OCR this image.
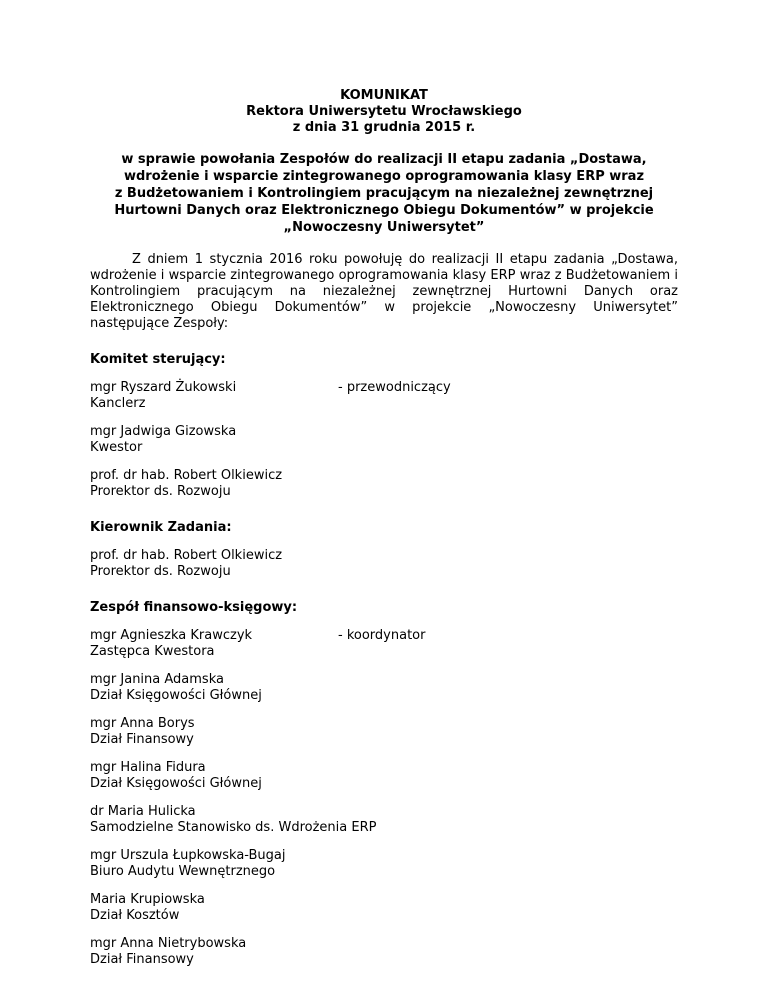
KOMUNIKAT
Rektora Uniwersytetu Wrocławskiego
z dnia 31 grudnia 2015 r.
w sprawie powołania Zespołów do realizacji II etapu zadania „Dostawa,
wdrożenie i wsparcie zintegrowanego oprogramowania klasy ERP wraz
z Budżetowaniem i Kontrolingiem pracującym na niezależnej zewnętrznej
Hurtowni Danych oraz Elektronicznego Obiegu Dokumentów” w projekcie
„Nowoczesny Uniwersytet”
Z dniem 1 stycznia 2016 roku powołuję do realizacji II etapu zadania „Dostawa, wdrożenie i wsparcie zintegrowanego oprogramowania klasy ERP wraz z Budżetowaniem i Kontrolingiem pracującym na niezależnej zewnętrznej Hurtowni Danych oraz Elektronicznego Obiegu Dokumentów” w projekcie „Nowoczesny Uniwersytet” następujące Zespoły:
Komitet sterujący:
mgr Ryszard Żukowski
Kanclerz
- przewodniczący
mgr Jadwiga Gizowska
Kwestor
prof. dr hab. Robert Olkiewicz
Prorektor ds. Rozwoju
Kierownik Zadania:
prof. dr hab. Robert Olkiewicz
Prorektor ds. Rozwoju
Zespół finansowo-księgowy:
mgr Agnieszka Krawczyk
Zastępca Kwestora
- koordynator
mgr Janina Adamska
Dział Księgowości Głównej
mgr Anna Borys
Dział Finansowy
mgr Halina Fidura
Dział Księgowości Głównej
dr Maria Hulicka
Samodzielne Stanowisko ds. Wdrożenia ERP
mgr Urszula Łupkowska-Bugaj
Biuro Audytu Wewnętrznego
Maria Krupiowska
Dział Kosztów
mgr Anna Nietrybowska
Dział Finansowy
